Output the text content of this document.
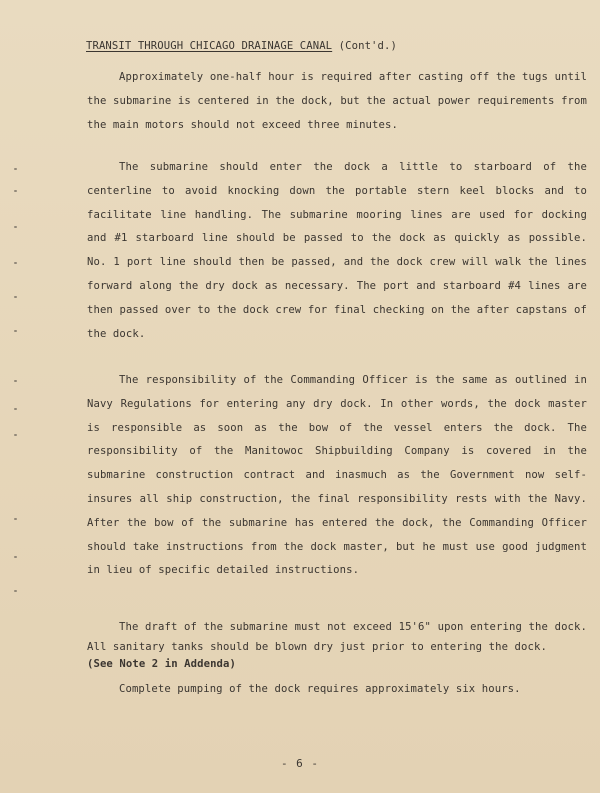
TRANSIT THROUGH CHICAGO DRAINAGE CANAL (Cont'd.)

Approximately one-half hour is required after casting off the tugs until the submarine is centered in the dock, but the actual power requirements from the main motors should not exceed three minutes.

The submarine should enter the dock a little to starboard of the centerline to avoid knocking down the portable stern keel blocks and to facilitate line handling. The submarine mooring lines are used for docking and #1 starboard line should be passed to the dock as quickly as possible. No. 1 port line should then be passed, and the dock crew will walk the lines forward along the dry dock as necessary. The port and starboard #4 lines are then passed over to the dock crew for final checking on the after capstans of the dock.

The responsibility of the Commanding Officer is the same as outlined in Navy Regulations for entering any dry dock. In other words, the dock master is responsible as soon as the bow of the vessel enters the dock. The responsibility of the Manitowoc Shipbuilding Company is covered in the submarine construction contract and inasmuch as the Government now self-insures all ship construction, the final responsibility rests with the Navy. After the bow of the submarine has entered the dock, the Commanding Officer should take instructions from the dock master, but he must use good judgment in lieu of specific detailed instructions.

The draft of the submarine must not exceed 15'6" upon entering the dock. All sanitary tanks should be blown dry just prior to entering the dock.
(See Note 2 in Addenda)

Complete pumping of the dock requires approximately six hours.

- 6 -
